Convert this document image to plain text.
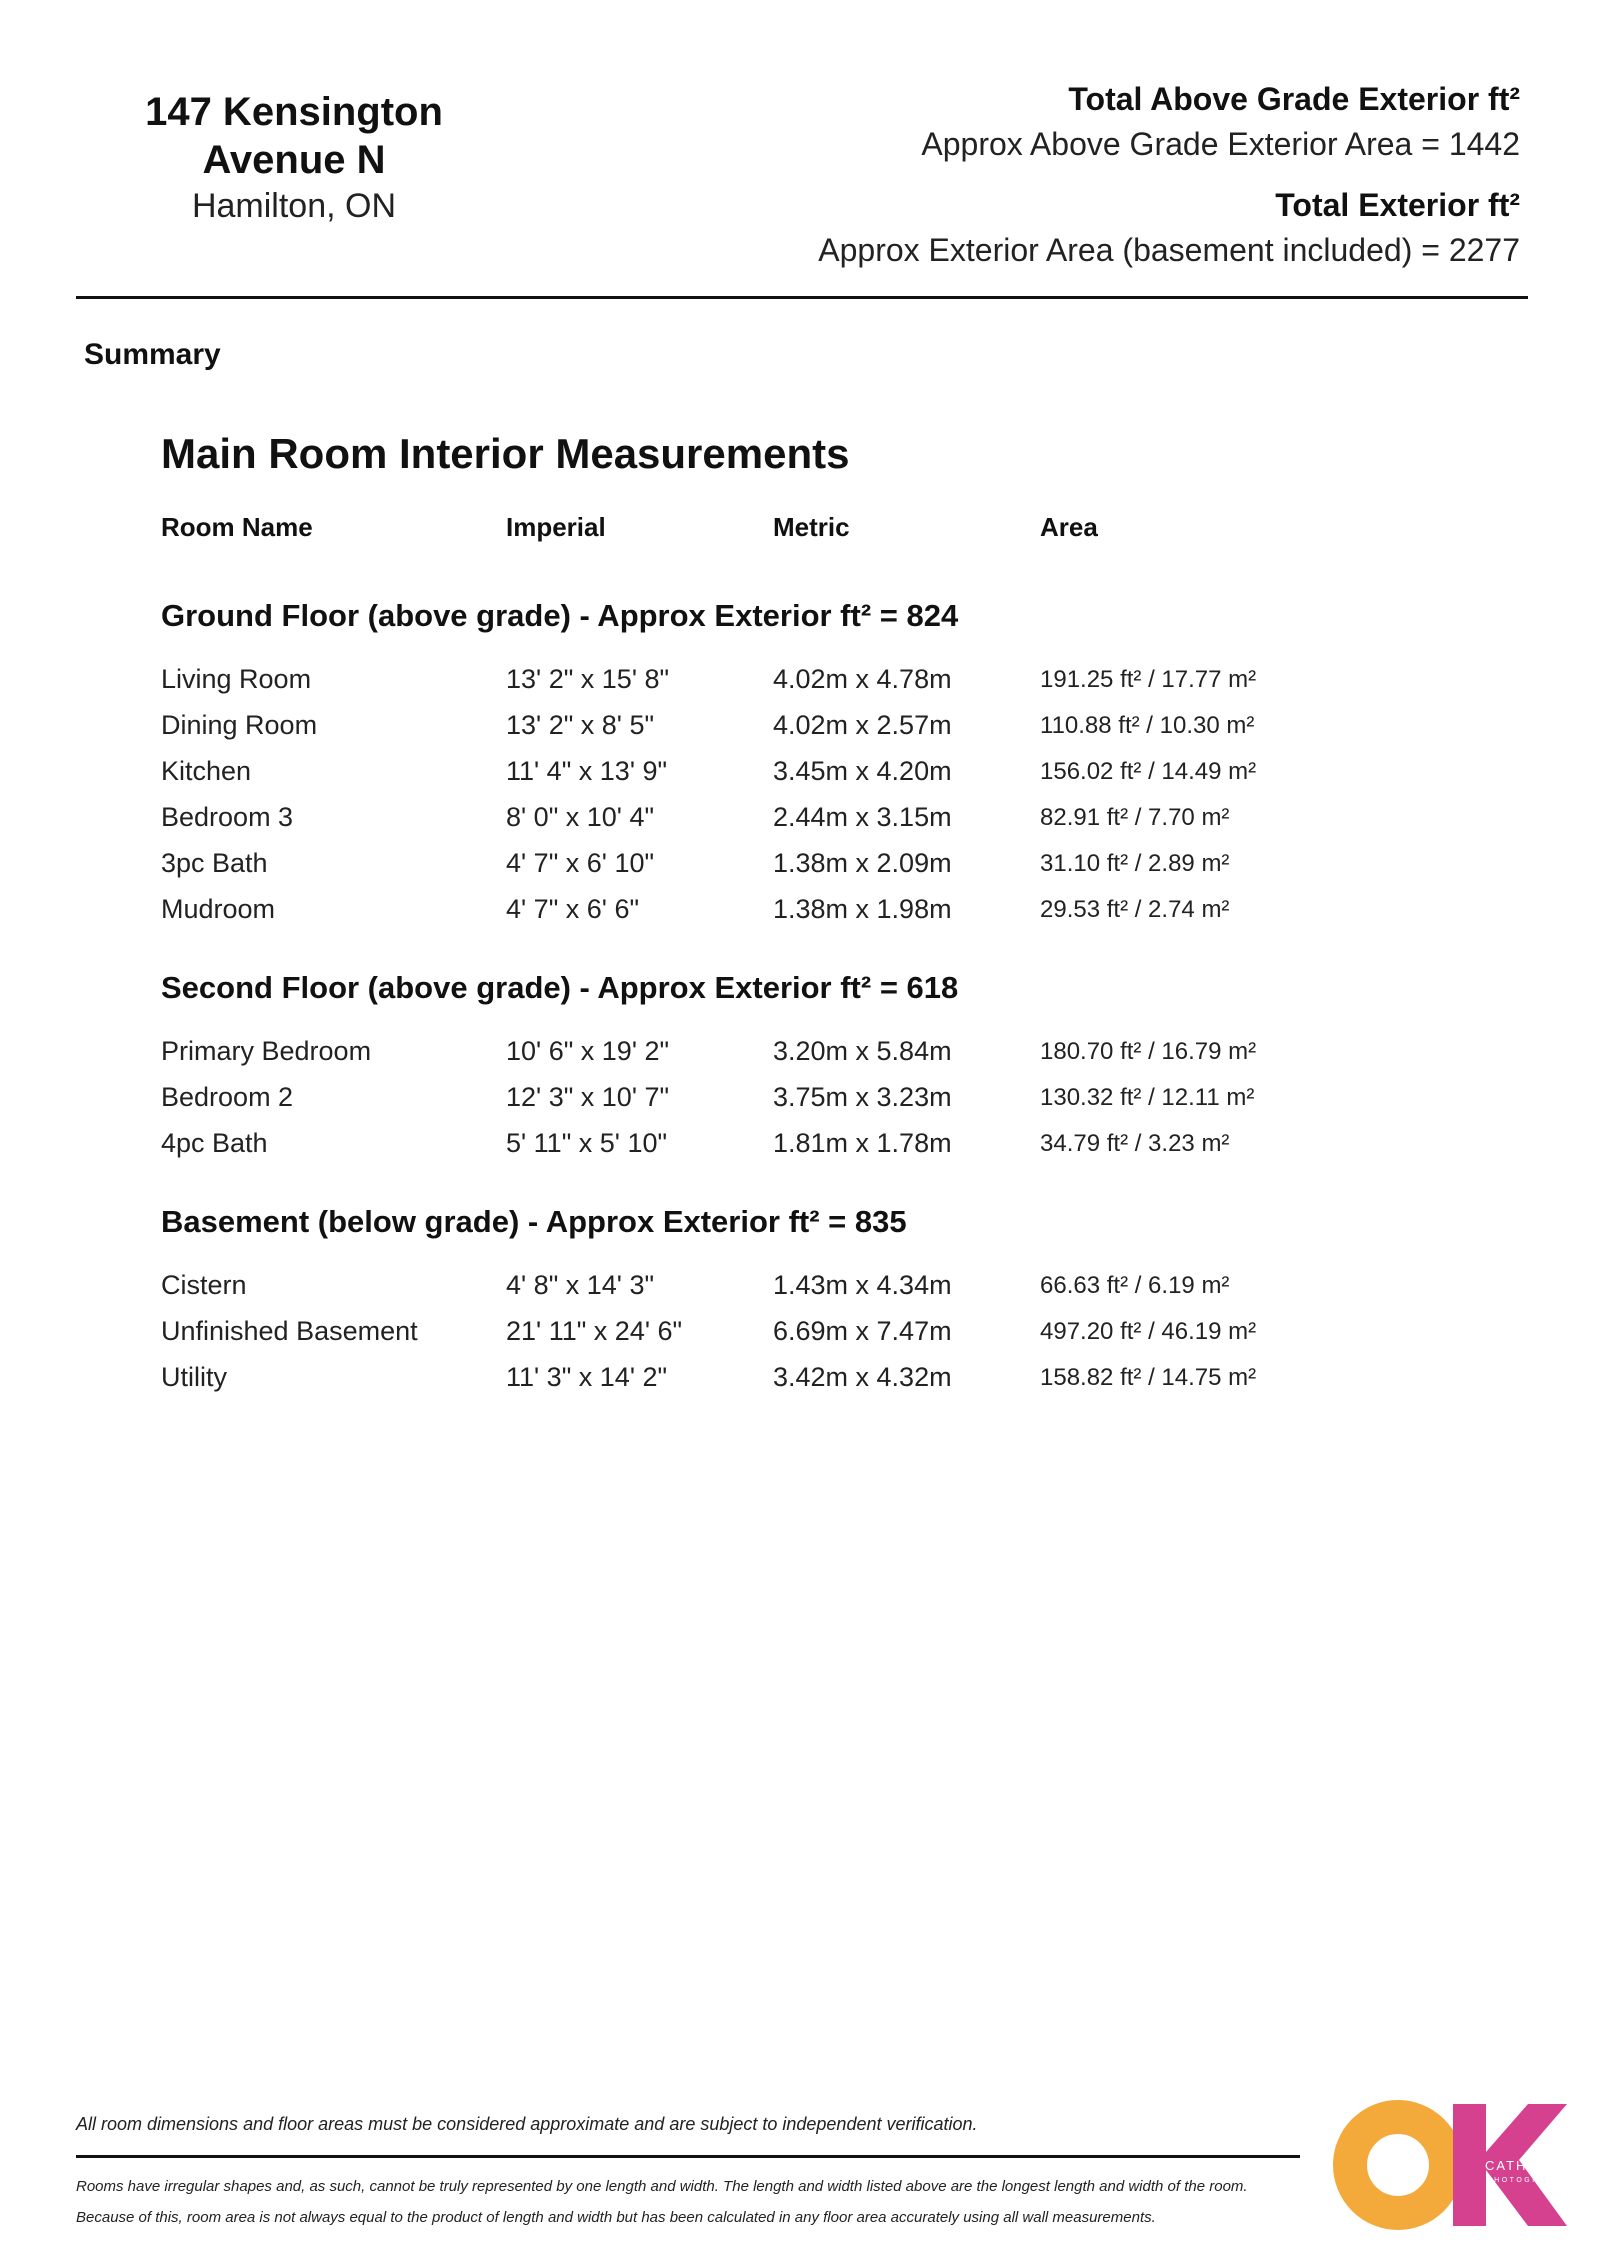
147 Kensington Avenue N
Hamilton, ON
Total Above Grade Exterior ft²
Approx Above Grade Exterior Area = 1442
Total Exterior ft²
Approx Exterior Area (basement included) = 2277
Summary
Main Room Interior Measurements
Room Name	Imperial	Metric	Area
Ground Floor (above grade) - Approx Exterior ft² = 824
Living Room	13' 2" x 15' 8"	4.02m x 4.78m	191.25 ft² / 17.77 m²
Dining Room	13' 2" x 8' 5"	4.02m x 2.57m	110.88 ft² / 10.30 m²
Kitchen	11' 4" x 13' 9"	3.45m x 4.20m	156.02 ft² / 14.49 m²
Bedroom 3	8' 0" x 10' 4"	2.44m x 3.15m	82.91 ft² / 7.70 m²
3pc Bath	4' 7" x 6' 10"	1.38m x 2.09m	31.10 ft² / 2.89 m²
Mudroom	4' 7" x 6' 6"	1.38m x 1.98m	29.53 ft² / 2.74 m²
Second Floor (above grade) - Approx Exterior ft² = 618
Primary Bedroom	10' 6" x 19' 2"	3.20m x 5.84m	180.70 ft² / 16.79 m²
Bedroom 2	12' 3" x 10' 7"	3.75m x 3.23m	130.32 ft² / 12.11 m²
4pc Bath	5' 11" x 5' 10"	1.81m x 1.78m	34.79 ft² / 3.23 m²
Basement (below grade) - Approx Exterior ft² = 835
Cistern	4' 8" x 14' 3"	1.43m x 4.34m	66.63 ft² / 6.19 m²
Unfinished Basement	21' 11" x 24' 6"	6.69m x 7.47m	497.20 ft² / 46.19 m²
Utility	11' 3" x 14' 2"	3.42m x 4.32m	158.82 ft² / 14.75 m²
All room dimensions and floor areas must be considered approximate and are subject to independent verification.
Rooms have irregular shapes and, as such, cannot be truly represented by one length and width. The length and width listed above are the longest length and width of the room.
Because of this, room area is not always equal to the product of length and width but has been calculated in any floor area accurately using all wall measurements.
CATHY KOOP
PHOTOGRAPHY
